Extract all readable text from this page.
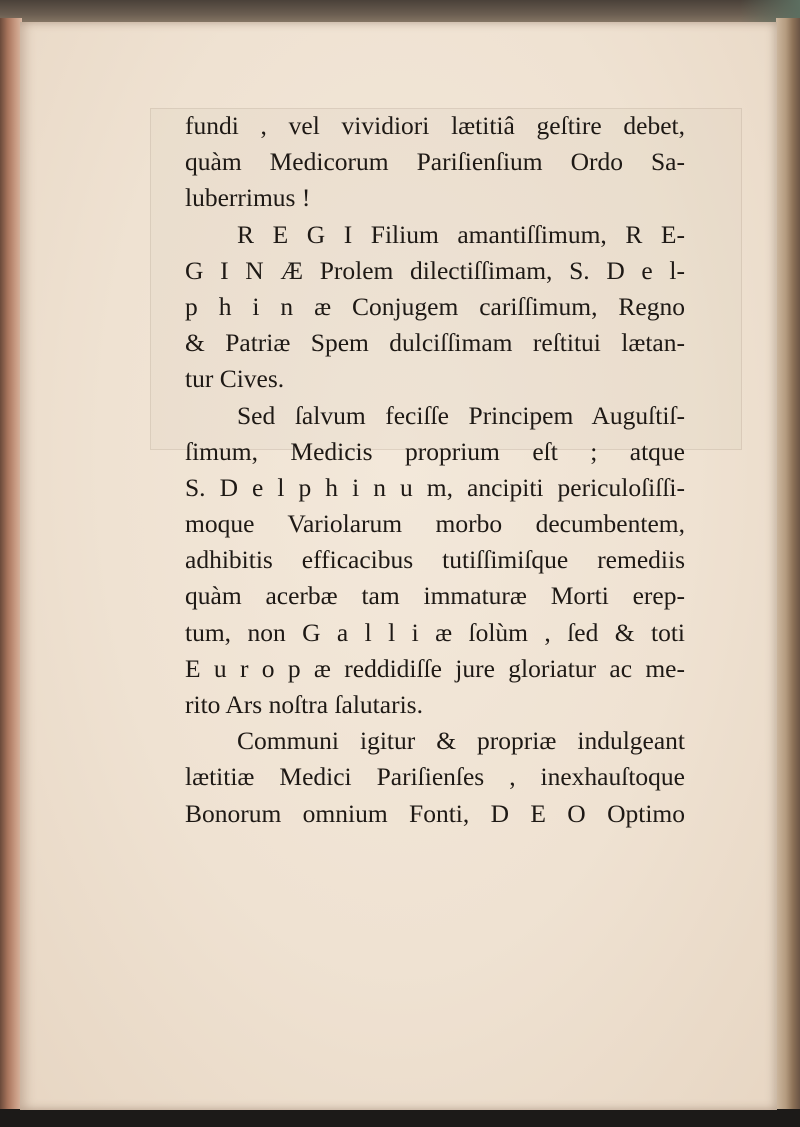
fundi , vel vividiori lætitiâ geſtire debet,
quàm Medicorum Pariſienſium Ordo Sa-
luberrimus !
R E G I Filium amantiſſimum, R E-
G I N Æ Prolem dilectiſſimam, S. D e l-
p h i n æ Conjugem cariſſimum, Regno
& Patriæ Spem dulciſſimam reſtitui lætan-
tur Cives.
Sed ſalvum feciſſe Principem Auguſtiſ-
ſimum, Medicis proprium eſt ; atque
S. D e l p h i n u m, ancipiti periculoſiſſi-
moque Variolarum morbo decumbentem,
adhibitis efficacibus tutiſſimiſque remediis
quàm acerbæ tam immaturæ Morti erep-
tum, non G a l l i æ ſolùm , ſed & toti
E u r o p æ reddidiſſe jure gloriatur ac me-
rito Ars noſtra ſalutaris.
Communi igitur & propriæ indulgeant
lætitiæ Medici Pariſienſes , inexhauſtoque
Bonorum omnium Fonti, D E O Optimo
